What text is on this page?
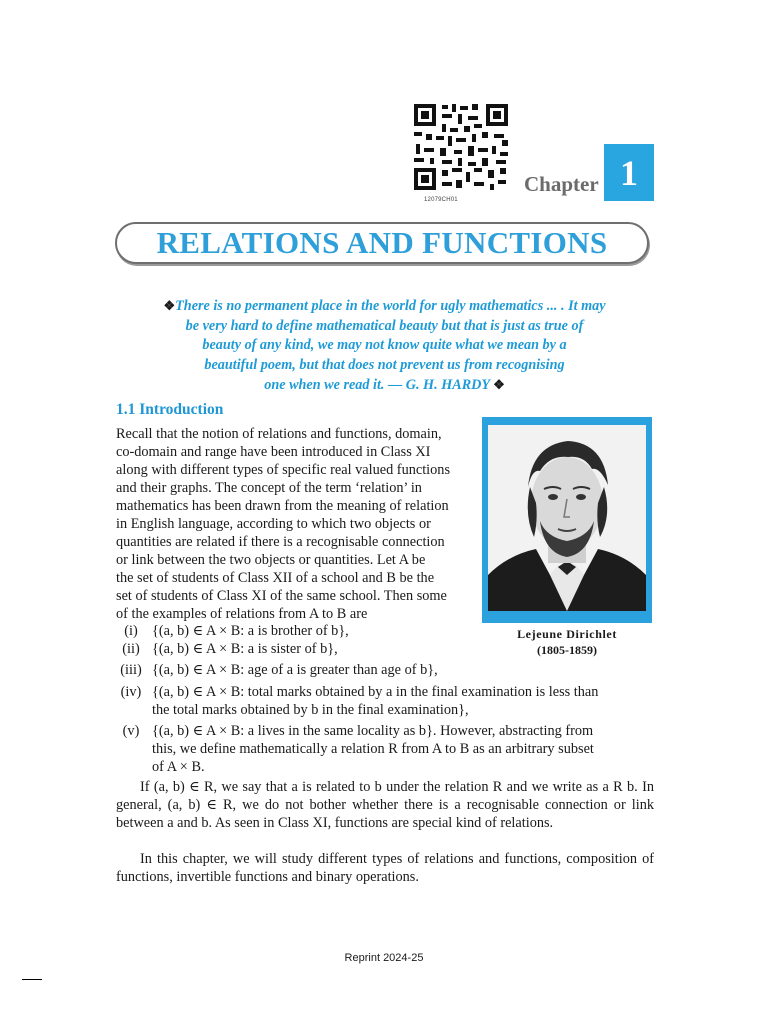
12079CH01
Chapter 1
RELATIONS AND FUNCTIONS
❖There is no permanent place in the world for ugly mathematics ... . It may
be very hard to define mathematical beauty but that is just as true of
beauty of any kind, we may not know quite what we mean by a
beautiful poem, but that does not prevent us from recognising
one when we read it. — G. H. HARDY ❖
1.1 Introduction
Recall that the notion of relations and functions, domain,
co-domain and range have been introduced in Class XI
along with different types of specific real valued functions
and their graphs. The concept of the term ‘relation’ in
mathematics has been drawn from the meaning of relation
in English language, according to which two objects or
quantities are related if there is a recognisable connection
or link between the two objects or quantities. Let A be
the set of students of Class XII of a school and B be the
set of students of Class XI of the same school. Then some
of the examples of relations from A to B are
Lejeune Dirichlet
(1805-1859)
(i) {(a, b) ∈ A × B: a is brother of b},
(ii) {(a, b) ∈ A × B: a is sister of b},
(iii) {(a, b) ∈ A × B: age of a is greater than age of b},
(iv) {(a, b) ∈ A × B: total marks obtained by a in the final examination is less than
the total marks obtained by b in the final examination},
(v) {(a, b) ∈ A × B: a lives in the same locality as b}. However, abstracting from
this, we define mathematically a relation R from A to B as an arbitrary subset
of A × B.

If (a, b) ∈ R, we say that a is related to b under the relation R and we write as a R b. In general, (a, b) ∈ R, we do not bother whether there is a recognisable connection or link between a and b. As seen in Class XI, functions are special kind of relations.

In this chapter, we will study different types of relations and functions, composition of functions, invertible functions and binary operations.

Reprint 2024-25
